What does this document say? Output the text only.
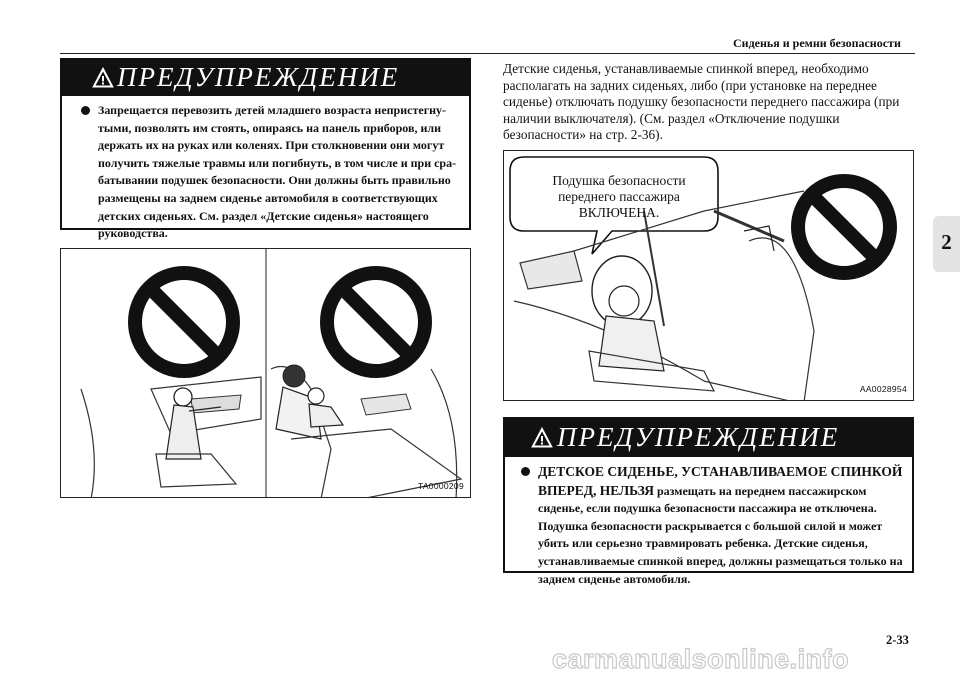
Сиденья и ремни безопасности
2
ПРЕДУПРЕЖДЕНИЕ
Запрещается перевозить детей младшего возраста непристегну-тыми, позволять им стоять, опираясь на панель приборов, или держать их на руках или коленях. При столкновении они могут получить тяжелые травмы или погибнуть, в том числе и при сра-батывании подушек безопасности. Они должны быть правильно размещены на заднем сиденье автомобиля в соответствующих детских сиденьях. См. раздел «Детские сиденья» настоящего руководства.
Детские сиденья, устанавливаемые спинкой вперед, необходимо располагать на задних сиденьях, либо (при установке на переднее сиденье) отключать подушку безопасности переднего пассажира (при наличии выключателя). (См. раздел «Отключение подушки безопасности» на стр. 2-36).
TA0000209
Подушка безопасности
переднего пассажира
ВКЛЮЧЕНА.
AA0028954
ПРЕДУПРЕЖДЕНИЕ
ДЕТСКОЕ СИДЕНЬЕ, УСТАНАВЛИВАЕМОЕ СПИНКОЙ ВПЕРЕД, НЕЛЬЗЯ размещать на переднем пассажирском сиденье, если подушка безопасности пассажира не отключена. Подушка безопасности раскрывается с большой силой и может убить или серьезно травмировать ребенка. Детские сиденья, устанавливаемые спинкой вперед, должны размещаться только на заднем сиденье автомобиля.
2-33
carmanualsonline.info
